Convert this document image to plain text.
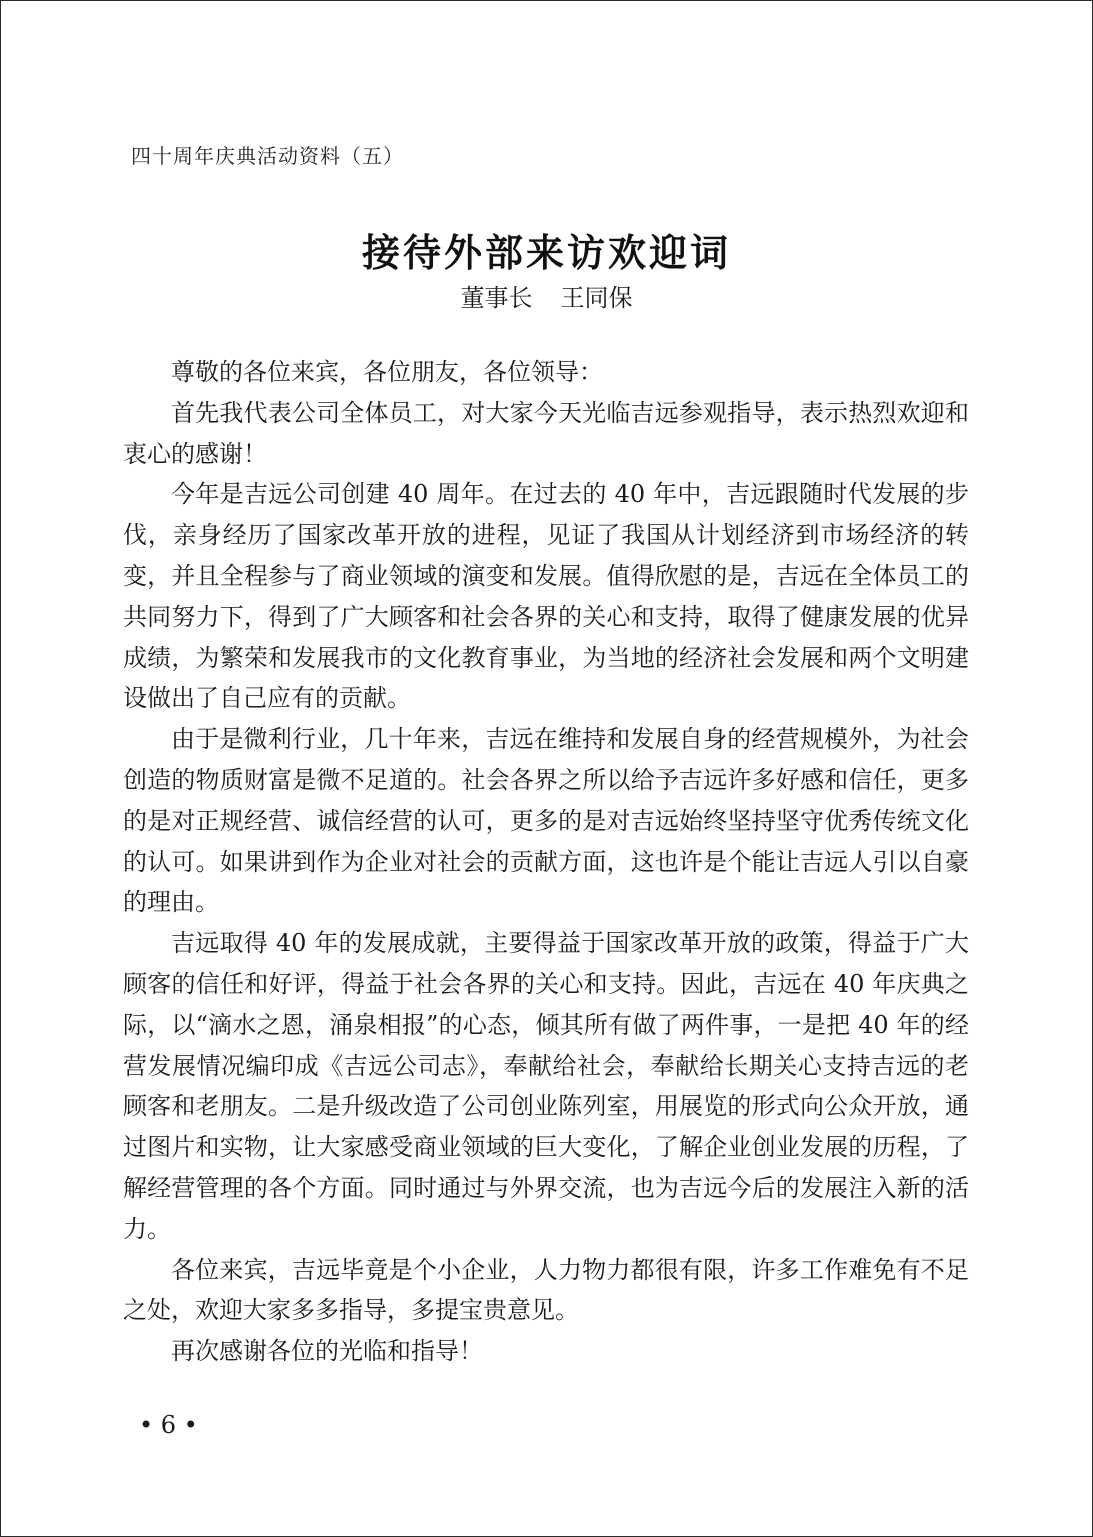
四十周年庆典活动资料（五）
接待外部来访欢迎词
董事长 王同保

尊敬的各位来宾，各位朋友，各位领导：

首先我代表公司全体员工，对大家今天光临吉远参观指导，表示热烈欢迎和衷心的感谢！

今年是吉远公司创建 40 周年。在过去的 40 年中，吉远跟随时代发展的步伐，亲身经历了国家改革开放的进程，见证了我国从计划经济到市场经济的转变，并且全程参与了商业领域的演变和发展。值得欣慰的是，吉远在全体员工的共同努力下，得到了广大顾客和社会各界的关心和支持，取得了健康发展的优异成绩，为繁荣和发展我市的文化教育事业，为当地的经济社会发展和两个文明建设做出了自己应有的贡献。

由于是微利行业，几十年来，吉远在维持和发展自身的经营规模外，为社会创造的物质财富是微不足道的。社会各界之所以给予吉远许多好感和信任，更多的是对正规经营、诚信经营的认可，更多的是对吉远始终坚持坚守优秀传统文化的认可。如果讲到作为企业对社会的贡献方面，这也许是个能让吉远人引以自豪的理由。

吉远取得 40 年的发展成就，主要得益于国家改革开放的政策，得益于广大顾客的信任和好评，得益于社会各界的关心和支持。因此，吉远在 40 年庆典之际，以“滴水之恩，涌泉相报”的心态，倾其所有做了两件事，一是把 40 年的经营发展情况编印成《吉远公司志》，奉献给社会，奉献给长期关心支持吉远的老顾客和老朋友。二是升级改造了公司创业陈列室，用展览的形式向公众开放，通过图片和实物，让大家感受商业领域的巨大变化，了解企业创业发展的历程，了解经营管理的各个方面。同时通过与外界交流，也为吉远今后的发展注入新的活力。

各位来宾，吉远毕竟是个小企业，人力物力都很有限，许多工作难免有不足之处，欢迎大家多多指导，多提宝贵意见。

再次感谢各位的光临和指导！

• 6 •
